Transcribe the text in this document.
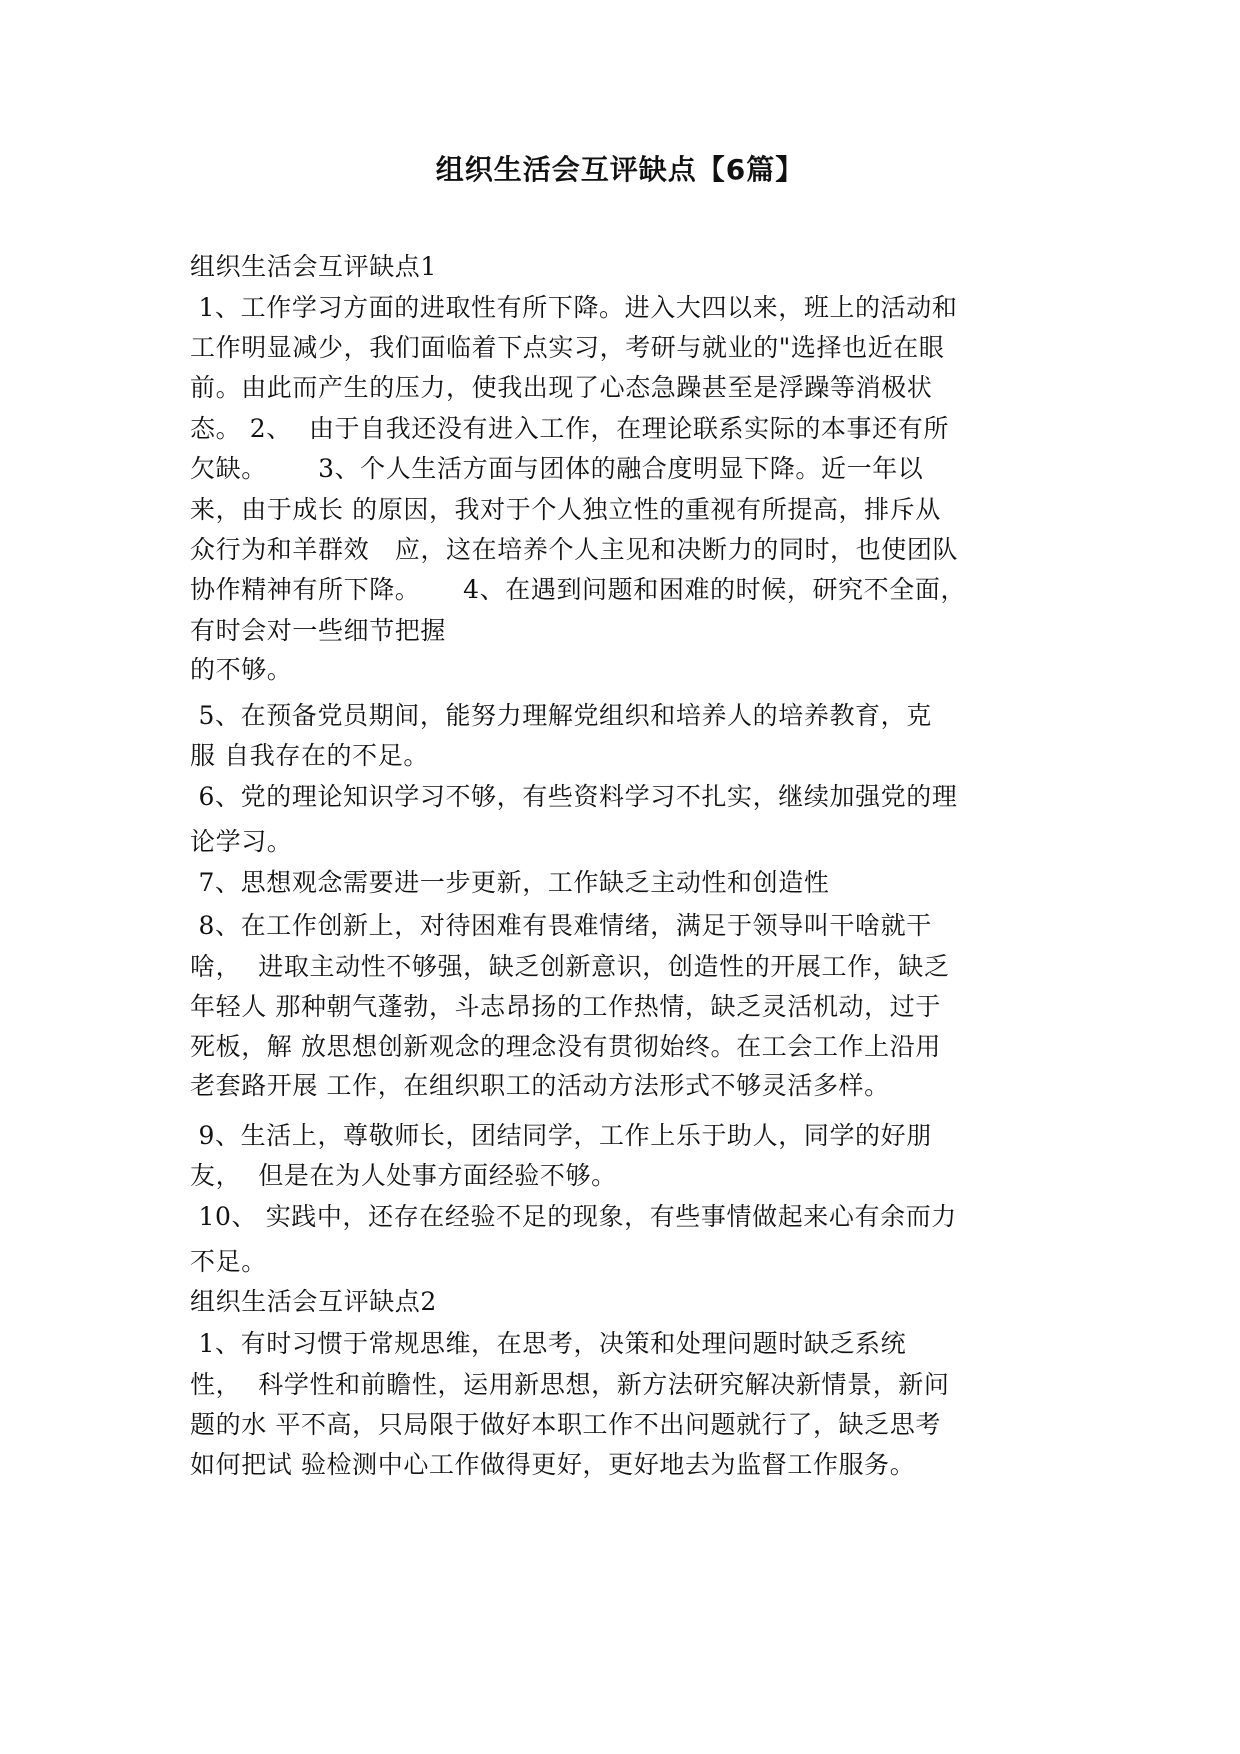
组织生活会互评缺点【6篇】
组织生活会互评缺点1
1、工作学习方面的进取性有所下降。进入大四以来，班上的活动和
工作明显减少，我们面临着下点实习，考研与就业的"选择也近在眼
前。由此而产生的压力，使我出现了心态急躁甚至是浮躁等消极状
态。 2、  由于自我还没有进入工作，在理论联系实际的本事还有所
欠缺。      3、个人生活方面与团体的融合度明显下降。近一年以
来，由于成长 的原因，我对于个人独立性的重视有所提高，排斥从
众行为和羊群效   应，这在培养个人主见和决断力的同时，也使团队
协作精神有所下降。     4、在遇到问题和困难的时候，研究不全面，
有时会对一些细节把握
的不够。
5、在预备党员期间，能努力理解党组织和培养人的培养教育，克
服 自我存在的不足。
6、党的理论知识学习不够，有些资料学习不扎实，继续加强党的理
论学习。
7、思想观念需要进一步更新，工作缺乏主动性和创造性
8、在工作创新上，对待困难有畏难情绪，满足于领导叫干啥就干
啥，  进取主动性不够强，缺乏创新意识，创造性的开展工作，缺乏
年轻人 那种朝气蓬勃，斗志昂扬的工作热情，缺乏灵活机动，过于
死板，解 放思想创新观念的理念没有贯彻始终。在工会工作上沿用
老套路开展 工作，在组织职工的活动方法形式不够灵活多样。
9、生活上，尊敬师长，团结同学，工作上乐于助人，同学的好朋
友，  但是在为人处事方面经验不够。
10、 实践中，还存在经验不足的现象，有些事情做起来心有余而力
不足。
组织生活会互评缺点2
1、有时习惯于常规思维，在思考，决策和处理问题时缺乏系统
性，  科学性和前瞻性，运用新思想，新方法研究解决新情景，新问
题的水 平不高，只局限于做好本职工作不出问题就行了，缺乏思考
如何把试 验检测中心工作做得更好，更好地去为监督工作服务。
